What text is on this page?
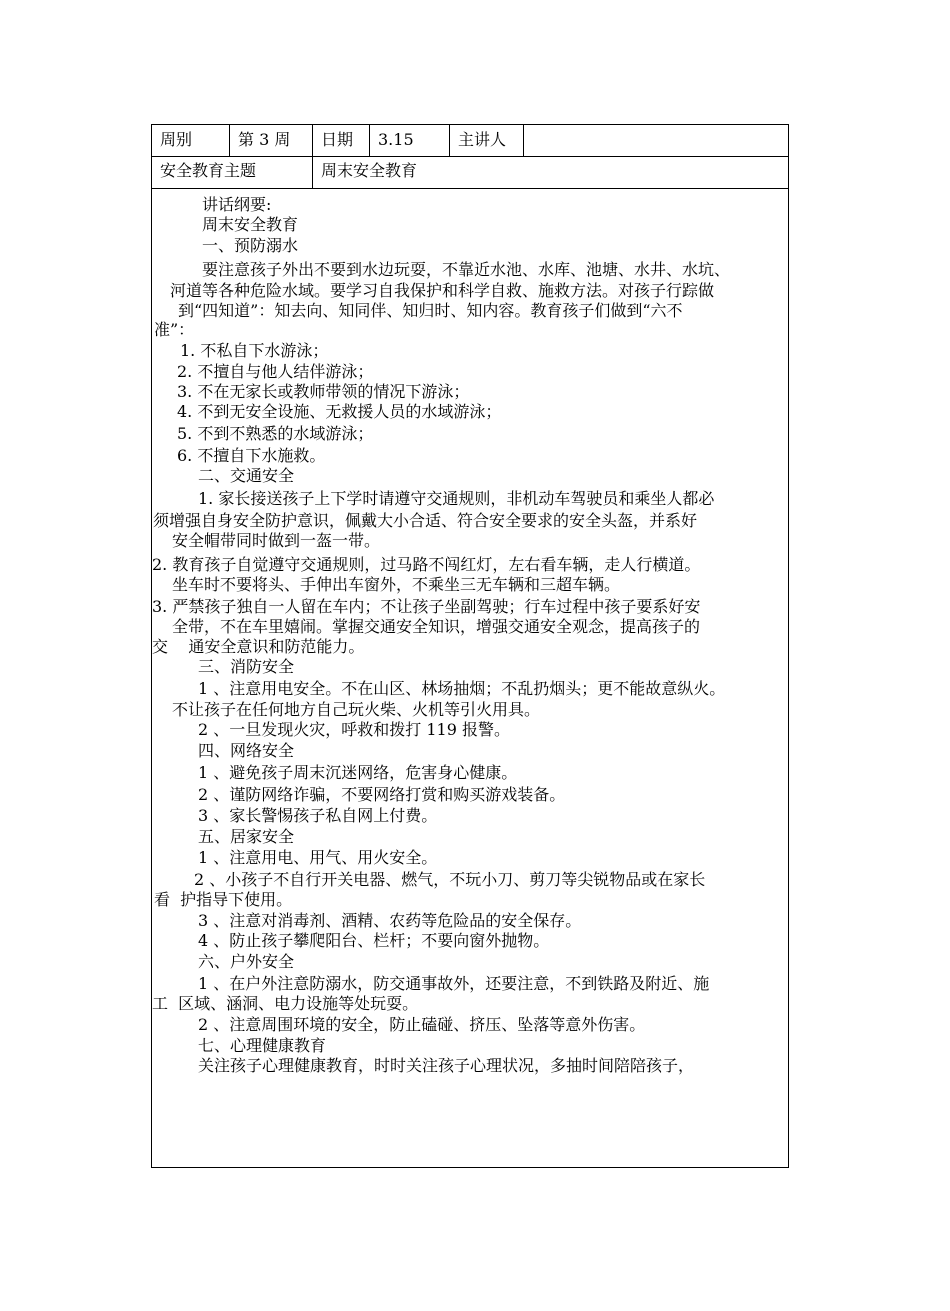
周别	第 3 周	日期	3.15	主讲人
安全教育主题	周末安全教育
讲话纲要:
周末安全教育
一、预防溺水
要注意孩子外出不要到水边玩耍，不靠近水池、水库、池塘、水井、水坑、
河道等各种危险水域。要学习自我保护和科学自救、施救方法。对孩子行踪做
到“四知道”：知去向、知同伴、知归时、知内容。教育孩子们做到“六不
准”：
1. 不私自下水游泳；
2. 不擅自与他人结伴游泳；
3. 不在无家长或教师带领的情况下游泳；
4. 不到无安全设施、无救援人员的水域游泳；
5. 不到不熟悉的水域游泳；
6. 不擅自下水施救。
二、交通安全
1. 家长接送孩子上下学时请遵守交通规则，非机动车驾驶员和乘坐人都必
须增强自身安全防护意识，佩戴大小合适、符合安全要求的安全头盔，并系好
安全帽带同时做到一盔一带。
2. 教育孩子自觉遵守交通规则，过马路不闯红灯，左右看车辆，走人行横道。
坐车时不要将头、手伸出车窗外，不乘坐三无车辆和三超车辆。
3. 严禁孩子独自一人留在车内；不让孩子坐副驾驶；行车过程中孩子要系好安
全带，不在车里嬉闹。掌握交通安全知识，增强交通安全观念，提高孩子的
交    通安全意识和防范能力。
三、消防安全
1 、注意用电安全。不在山区、林场抽烟；不乱扔烟头；更不能故意纵火。
不让孩子在任何地方自己玩火柴、火机等引火用具。
2 、一旦发现火灾，呼救和拨打 119 报警。
四、网络安全
1 、避免孩子周末沉迷网络，危害身心健康。
2 、谨防网络诈骗，不要网络打赏和购买游戏装备。
3 、家长警惕孩子私自网上付费。
五、居家安全
1 、注意用电、用气、用火安全。
2 、小孩子不自行开关电器、燃气，不玩小刀、剪刀等尖锐物品或在家长
看  护指导下使用。
3 、注意对消毒剂、酒精、农药等危险品的安全保存。
4 、防止孩子攀爬阳台、栏杆；不要向窗外抛物。
六、户外安全
1 、在户外注意防溺水，防交通事故外，还要注意，不到铁路及附近、施
工  区域、涵洞、电力设施等处玩耍。
2 、注意周围环境的安全，防止磕碰、挤压、坠落等意外伤害。
七、心理健康教育
关注孩子心理健康教育，时时关注孩子心理状况，多抽时间陪陪孩子，
